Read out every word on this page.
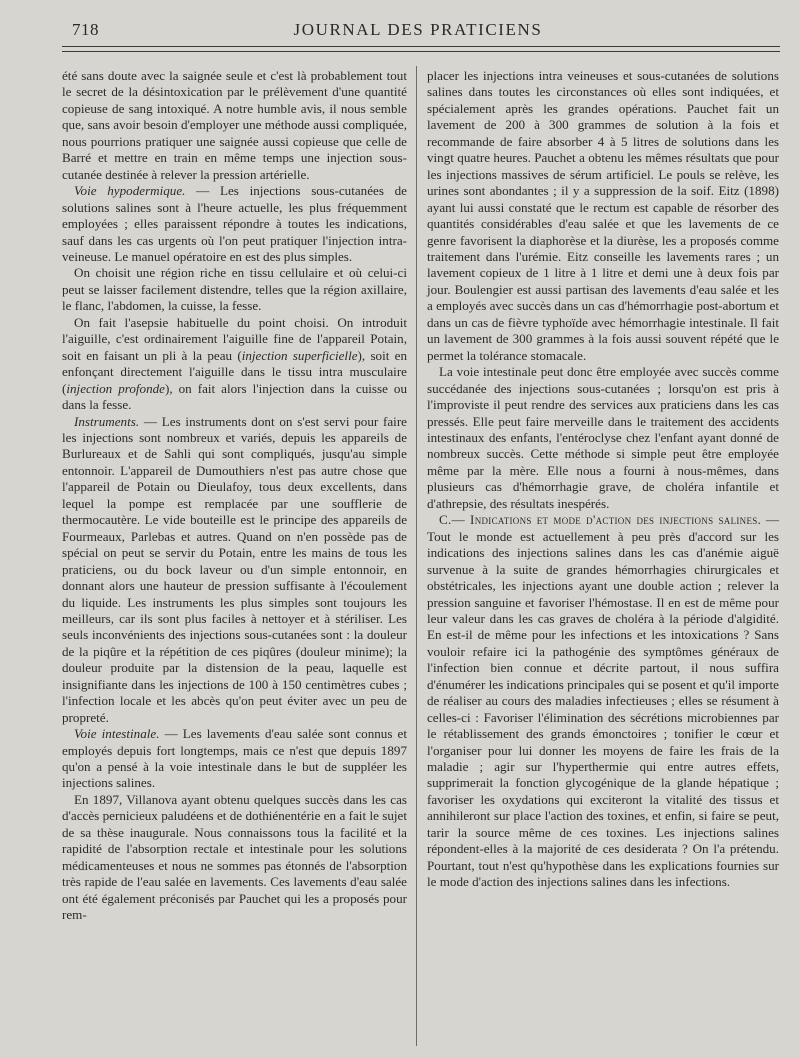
718	JOURNAL DES PRATICIENS

été sans doute avec la saignée seule et c'est là probablement tout le secret de la désintoxication par le prélèvement d'une quantité copieuse de sang intoxiqué. A notre humble avis, il nous semble que, sans avoir besoin d'employer une méthode aussi compliquée, nous pourrions pratiquer une saignée aussi copieuse que celle de Barré et mettre en train en même temps une injection sous-cutanée destinée à relever la pression artérielle.

Voie hypodermique. — Les injections sous-cutanées de solutions salines sont à l'heure actuelle, les plus fréquemment employées ; elles paraissent répondre à toutes les indications, sauf dans les cas urgents où l'on peut pratiquer l'injection intra-veineuse. Le manuel opératoire en est des plus simples.

On choisit une région riche en tissu cellulaire et où celui-ci peut se laisser facilement distendre, telles que la région axillaire, le flanc, l'abdomen, la cuisse, la fesse.

On fait l'asepsie habituelle du point choisi. On introduit l'aiguille, c'est ordinairement l'aiguille fine de l'appareil Potain, soit en faisant un pli à la peau (injection superficielle), soit en enfonçant directement l'aiguille dans le tissu intra musculaire (injection profonde), on fait alors l'injection dans la cuisse ou dans la fesse.

Instruments. — Les instruments dont on s'est servi pour faire les injections sont nombreux et variés, depuis les appareils de Burlureaux et de Sahli qui sont compliqués, jusqu'au simple entonnoir. L'appareil de Dumouthiers n'est pas autre chose que l'appareil de Potain ou Dieulafoy, tous deux excellents, dans lequel la pompe est remplacée par une soufflerie de thermocautère. Le vide bouteille est le principe des appareils de Fourmeaux, Parlebas et autres. Quand on n'en possède pas de spécial on peut se servir du Potain, entre les mains de tous les praticiens, ou du bock laveur ou d'un simple entonnoir, en donnant alors une hauteur de pression suffisante à l'écoulement du liquide. Les instruments les plus simples sont toujours les meilleurs, car ils sont plus faciles à nettoyer et à stériliser. Les seuls inconvénients des injections sous-cutanées sont : la douleur de la piqûre et la répétition de ces piqûres (douleur minime); la douleur produite par la distension de la peau, laquelle est insignifiante dans les injections de 100 à 150 centimètres cubes ; l'infection locale et les abcès qu'on peut éviter avec un peu de propreté.

Voie intestinale. — Les lavements d'eau salée sont connus et employés depuis fort longtemps, mais ce n'est que depuis 1897 qu'on a pensé à la voie intestinale dans le but de suppléer les injections salines.

En 1897, Villanova ayant obtenu quelques succès dans les cas d'accès pernicieux paludéens et de dothiénentérie en a fait le sujet de sa thèse inaugurale. Nous connaissons tous la facilité et la rapidité de l'absorption rectale et intestinale pour les solutions médicamenteuses et nous ne sommes pas étonnés de l'absorption très rapide de l'eau salée en lavements. Ces lavements d'eau salée ont été également préconisés par Pauchet qui les a proposés pour rem-

placer les injections intra veineuses et sous-cutanées de solutions salines dans toutes les circonstances où elles sont indiquées, et spécialement après les grandes opérations. Pauchet fait un lavement de 200 à 300 grammes de solution à la fois et recommande de faire absorber 4 à 5 litres de solutions dans les vingt quatre heures. Pauchet a obtenu les mêmes résultats que pour les injections massives de sérum artificiel. Le pouls se relève, les urines sont abondantes ; il y a suppression de la soif. Eitz (1898) ayant lui aussi constaté que le rectum est capable de résorber des quantités considérables d'eau salée et que les lavements de ce genre favorisent la diaphorèse et la diurèse, les a proposés comme traitement dans l'urémie. Eitz conseille les lavements rares ; un lavement copieux de 1 litre à 1 litre et demi une à deux fois par jour. Boulengier est aussi partisan des lavements d'eau salée et les a employés avec succès dans un cas d'hémorrhagie post-abortum et dans un cas de fièvre typhoïde avec hémorrhagie intestinale. Il fait un lavement de 300 grammes à la fois aussi souvent répété que le permet la tolérance stomacale.

La voie intestinale peut donc être employée avec succès comme succédanée des injections sous-cutanées ; lorsqu'on est pris à l'improviste il peut rendre des services aux praticiens dans les cas pressés. Elle peut faire merveille dans le traitement des accidents intestinaux des enfants, l'entéroclyse chez l'enfant ayant donné de nombreux succès. Cette méthode si simple peut être employée même par la mère. Elle nous a fourni à nous-mêmes, dans plusieurs cas d'hémorrhagie grave, de choléra infantile et d'athrepsie, des résultats inespérés.

C.— Indications et mode d'action des injections salines. — Tout le monde est actuellement à peu près d'accord sur les indications des injections salines dans les cas d'anémie aiguë survenue à la suite de grandes hémorrhagies chirurgicales et obstétricales, les injections ayant une double action ; relever la pression sanguine et favoriser l'hémostase. Il en est de même pour leur valeur dans les cas graves de choléra à la période d'algidité. En est-il de même pour les infections et les intoxications ? Sans vouloir refaire ici la pathogénie des symptômes généraux de l'infection bien connue et décrite partout, il nous suffira d'énumérer les indications principales qui se posent et qu'il importe de réaliser au cours des maladies infectieuses ; elles se résument à celles-ci : Favoriser l'élimination des sécrétions microbiennes par le rétablissement des grands émonctoires ; tonifier le cœur et l'organiser pour lui donner les moyens de faire les frais de la maladie ; agir sur l'hyperthermie qui entre autres effets, supprimerait la fonction glycogénique de la glande hépatique ; favoriser les oxydations qui exciteront la vitalité des tissus et annihileront sur place l'action des toxines, et enfin, si faire se peut, tarir la source même de ces toxines. Les injections salines répondent-elles à la majorité de ces desiderata ? On l'a prétendu. Pourtant, tout n'est qu'hypothèse dans les explications fournies sur le mode d'action des injections salines dans les infections.
